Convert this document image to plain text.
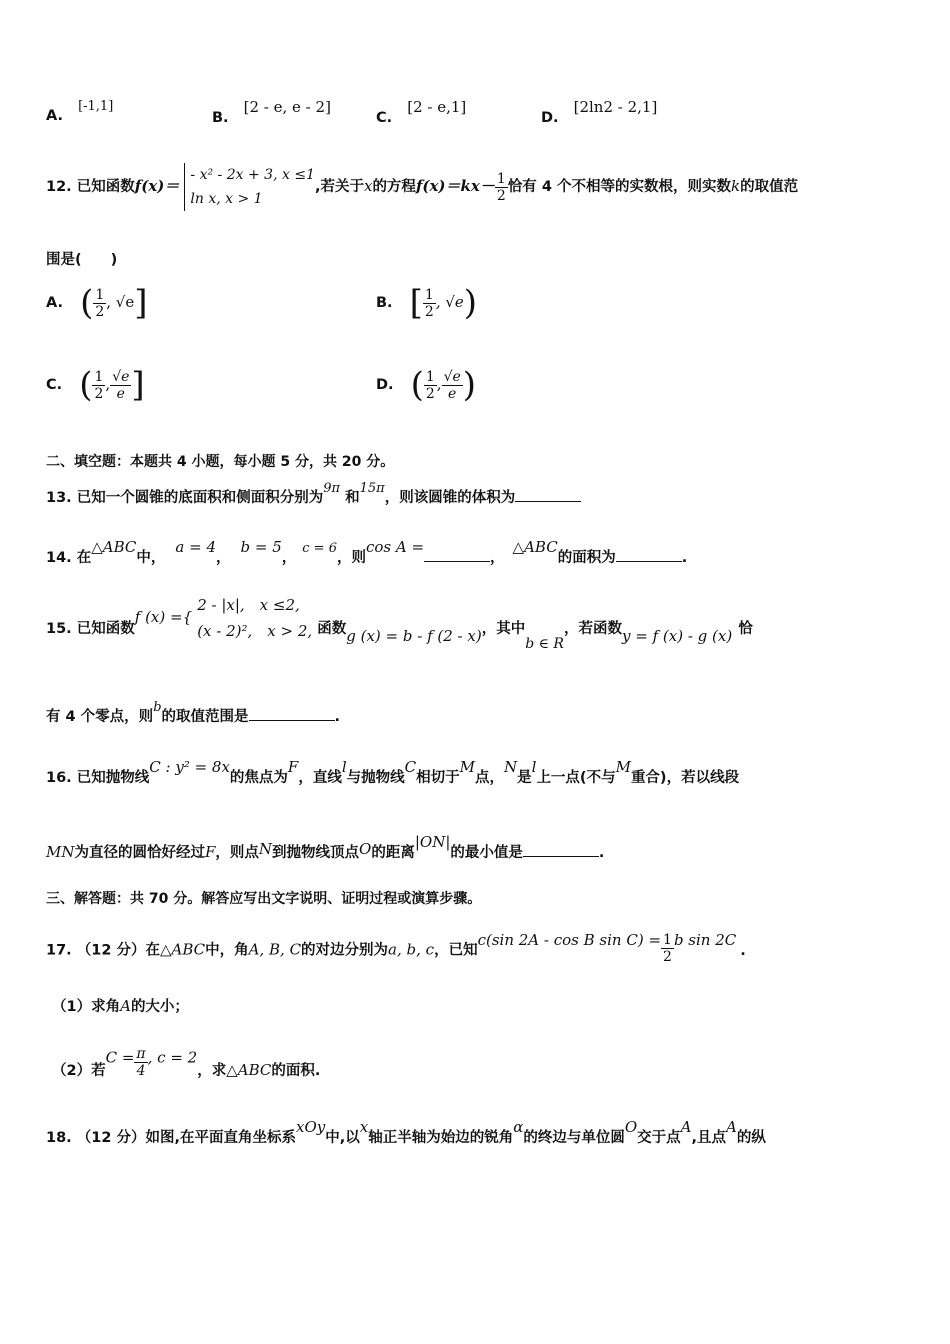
A. [-1,1]
B. [2 - e, e - 2]
C. [2 - e,1]
D. [2ln2 - 2,1]
12. 已知函数f(x)＝
- x² - 2x + 3, x ≤1
ln x, x > 1
,若关于x的方程$f(x)=kx- \frac{1}{2}$ 恰有 4 个不相等的实数根，则实数k的取值范
围是(　　)
A. ( $\frac{1}{2}$ , √e]	B. [ $\frac{1}{2}$ , √e)
C. ( $\frac{1}{2}$ , $\frac{√e}{e}$ ]	D. ( $\frac{1}{2}$ , $\frac{√e}{e}$ )
二、填空题：本题共 4 小题，每小题 5 分，共 20 分。
13. 已知一个圆锥的底面积和侧面积分别为9π 和15π，则该圆锥的体积为
14. 在△ABC中，a = 4，b = 5，c = 6，则cos A =，△ABC的面积为	.
15. 已知函数f (x) ={
2 - |x|,　x ≤2,
(x - 2)²,　x > 2, 函数g (x) = b - f (2 - x)，其中b ∈ R，若函数y = f (x) - g (x) 恰
有 4 个零点，则b的取值范围是	.
16. 已知抛物线C : y² = 8x的焦点为F，直线l与抛物线C相切于M点，N是l上一点(不与M重合)，若以线段
MN为直径的圆恰好经过F，则点N到抛物线顶点O的距离|ON|的最小值是	.
三、解答题：共 70 分。解答应写出文字说明、证明过程或演算步骤。
17. （12 分）在△ABC中，角A, B, C的对边分别为a, b, c，已知c(sin 2A - cos B $\sin C) = \frac{1}{2}$ b sin 2C.
（1）求角A的大小；
（2）若$C = \frac{\pi}{4}$ , c = 2，求△ABC的面积.
18. （12 分）如图,在平面直角坐标系xOy中,以x轴正半轴为始边的锐角α的终边与单位圆O交于点A,且点A的纵
